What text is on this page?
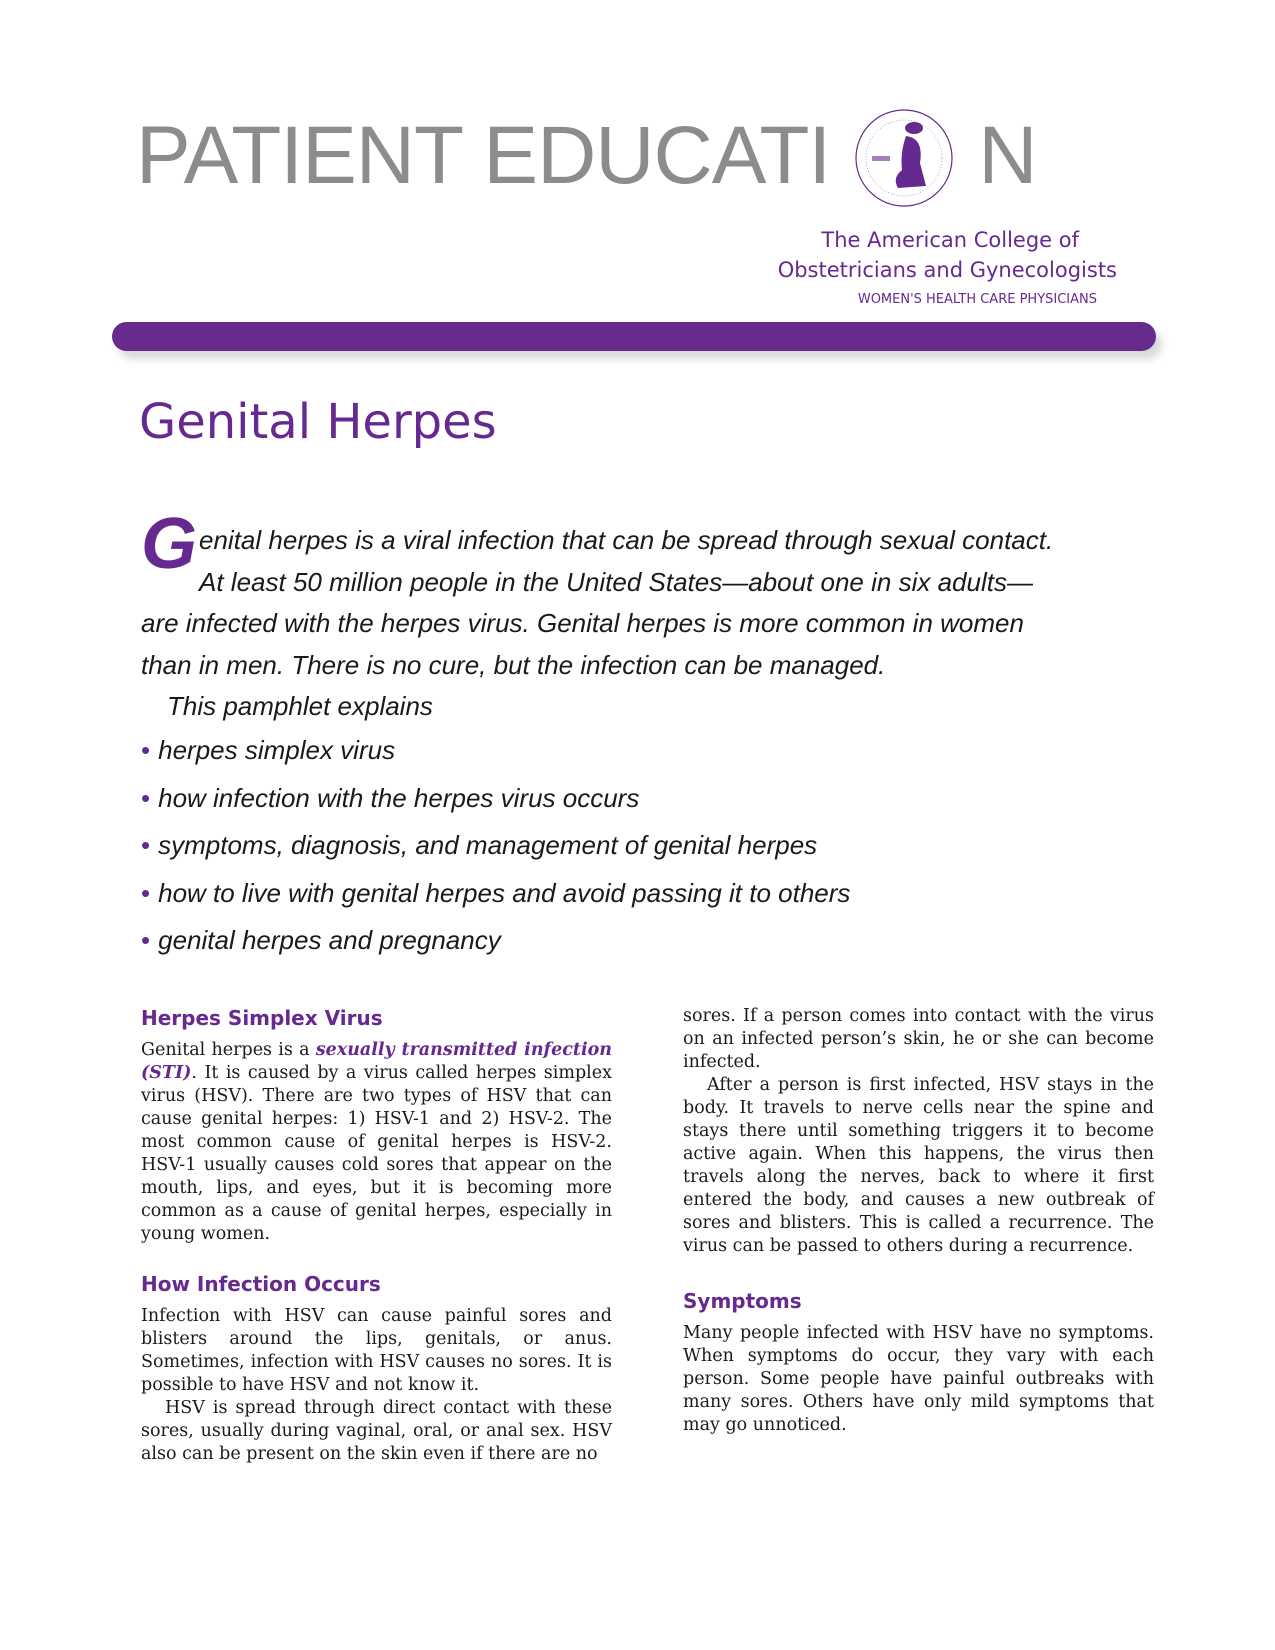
PATIENT EDUCATI N
The American College of
Obstetricians and Gynecologists
WOMEN'S HEALTH CARE PHYSICIANS
Genital Herpes
Genital herpes is a viral infection that can be spread through sexual contact. At least 50 million people in the United States—about one in six adults—are infected with the herpes virus. Genital herpes is more common in women than in men. There is no cure, but the infection can be managed.
This pamphlet explains
• herpes simplex virus
• how infection with the herpes virus occurs
• symptoms, diagnosis, and management of genital herpes
• how to live with genital herpes and avoid passing it to others
• genital herpes and pregnancy
Herpes Simplex Virus

Genital herpes is a sexually transmitted infection (STI). It is caused by a virus called herpes simplex virus (HSV). There are two types of HSV that can cause genital herpes: 1) HSV-1 and 2) HSV-2. The most common cause of genital herpes is HSV-2. HSV-1 usually causes cold sores that appear on the mouth, lips, and eyes, but it is becoming more common as a cause of genital herpes, especially in young women.

How Infection Occurs

Infection with HSV can cause painful sores and blisters around the lips, genitals, or anus. Sometimes, infection with HSV causes no sores. It is possible to have HSV and not know it.

HSV is spread through direct contact with these sores, usually during vaginal, oral, or anal sex. HSV also can be present on the skin even if there are no

sores. If a person comes into contact with the virus on an infected person’s skin, he or she can become infected.

After a person is first infected, HSV stays in the body. It travels to nerve cells near the spine and stays there until something triggers it to become active again. When this happens, the virus then travels along the nerves, back to where it first entered the body, and causes a new outbreak of sores and blisters. This is called a recurrence. The virus can be passed to others during a recurrence.

Symptoms

Many people infected with HSV have no symptoms. When symptoms do occur, they vary with each person. Some people have painful outbreaks with many sores. Others have only mild symptoms that may go unnoticed.
